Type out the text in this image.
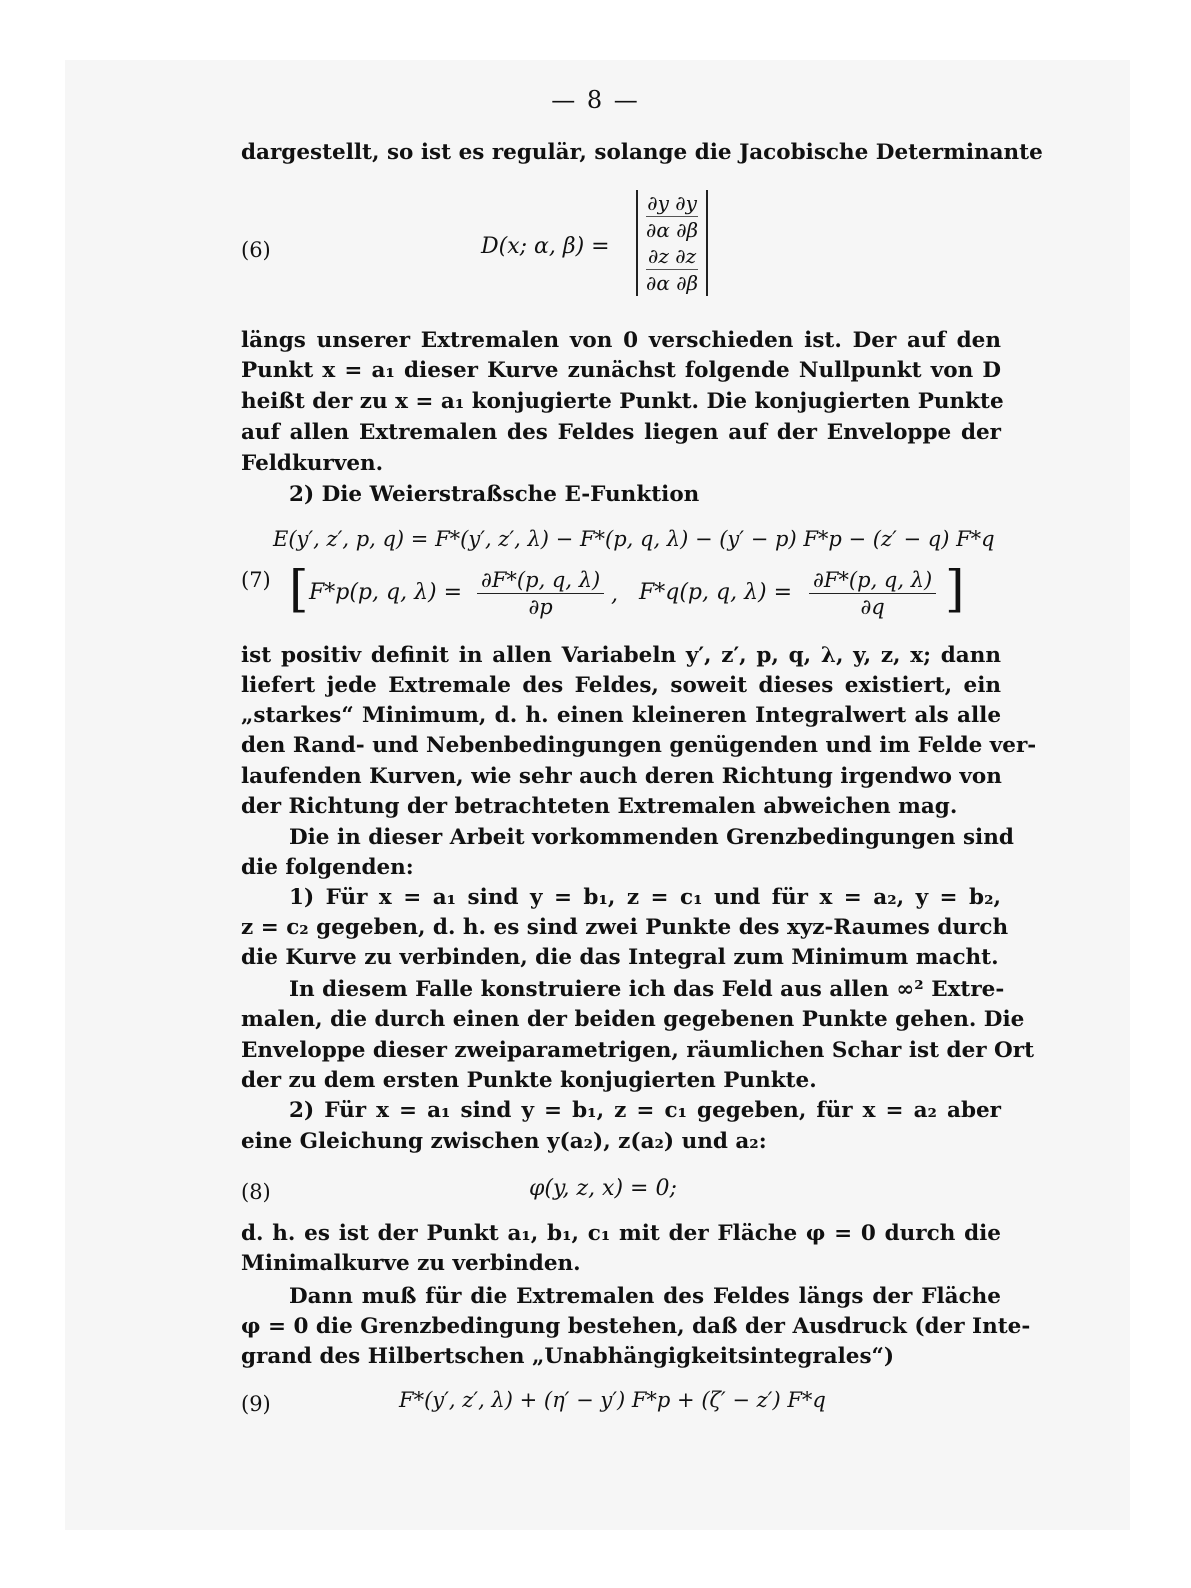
— 8 —
dargestellt, so ist es regulär, solange die Jacobische Determinante
(6)	D(x; α, β) =
∂y ∂y
∂α ∂β
∂z ∂z
∂α ∂β
längs unserer Extremalen von 0 verschieden ist. Der auf den
Punkt x = a₁ dieser Kurve zunächst folgende Nullpunkt von D
heißt der zu x = a₁ konjugierte Punkt. Die konjugierten Punkte
auf allen Extremalen des Feldes liegen auf der Enveloppe der
Feldkurven.
2) Die Weierstraßsche E-Funktion
E(y′, z′, p, q) = F*(y′, z′, λ) − F*(p, q, λ) − (y′ − p) F*p − (z′ − q) F*q
(7) [ F*p(p, q, $\lambda) = \frac{\partial F*(p, q, \lambda)}{\partial p}$ , F*q(p, q, $\lambda) = \frac{\partial F*(p, q, \lambda)}{\partial q}$ ]
ist positiv definit in allen Variabeln y′, z′, p, q, λ, y, z, x; dann
liefert jede Extremale des Feldes, soweit dieses existiert, ein
„starkes“ Minimum, d. h. einen kleineren Integralwert als alle
den Rand- und Nebenbedingungen genügenden und im Felde ver-
laufenden Kurven, wie sehr auch deren Richtung irgendwo von
der Richtung der betrachteten Extremalen abweichen mag.
Die in dieser Arbeit vorkommenden Grenzbedingungen sind
die folgenden:
1) Für x = a₁ sind y = b₁, z = c₁ und für x = a₂, y = b₂,
z = c₂ gegeben, d. h. es sind zwei Punkte des xyz-Raumes durch
die Kurve zu verbinden, die das Integral zum Minimum macht.
In diesem Falle konstruiere ich das Feld aus allen ∞² Extre-
malen, die durch einen der beiden gegebenen Punkte gehen. Die
Enveloppe dieser zweiparametrigen, räumlichen Schar ist der Ort
der zu dem ersten Punkte konjugierten Punkte.
2) Für x = a₁ sind y = b₁, z = c₁ gegeben, für x = a₂ aber
eine Gleichung zwischen y(a₂), z(a₂) und a₂:
(8)	φ(y, z, x) = 0;
d. h. es ist der Punkt a₁, b₁, c₁ mit der Fläche φ = 0 durch die
Minimalkurve zu verbinden.
Dann muß für die Extremalen des Feldes längs der Fläche
φ = 0 die Grenzbedingung bestehen, daß der Ausdruck (der Inte-
grand des Hilbertschen „Unabhängigkeitsintegrales“)
(9)	F*(y′, z′, λ) + (η′ − y′) F*p + (ζ′ − z′) F*q
